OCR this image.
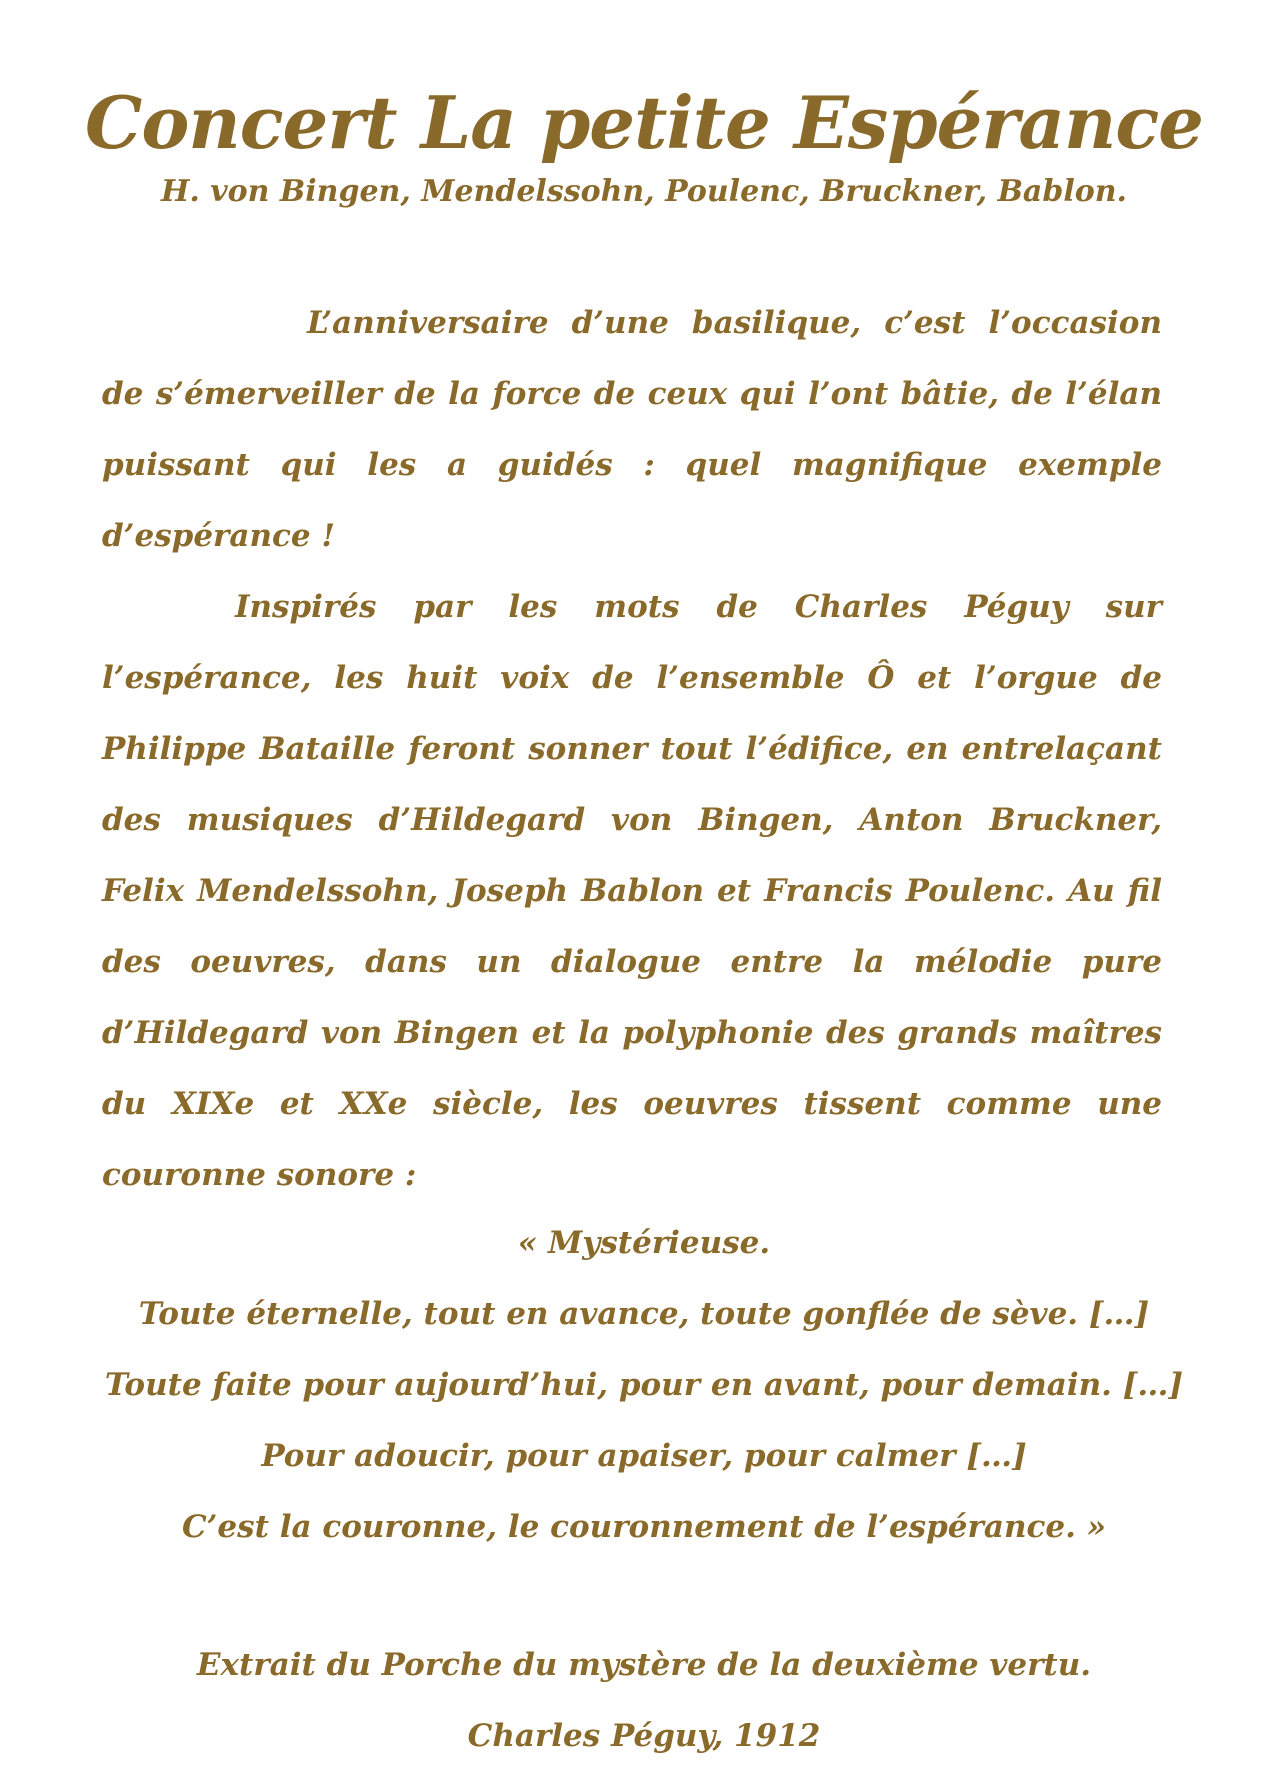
Concert La petite Espérance
H. von Bingen, Mendelssohn, Poulenc, Bruckner, Bablon.

L’anniversaire d’une basilique, c’est l’occasion de s’émerveiller de la force de ceux qui l’ont bâtie, de l’élan puissant qui les a guidés : quel magnifique exemple d’espérance !

Inspirés par les mots de Charles Péguy sur l’espérance, les huit voix de l’ensemble Ô et l’orgue de Philippe Bataille feront sonner tout l’édifice, en entrelaçant des musiques d’Hildegard von Bingen, Anton Bruckner, Felix Mendelssohn, Joseph Bablon et Francis Poulenc. Au fil des oeuvres, dans un dialogue entre la mélodie pure d’Hildegard von Bingen et la polyphonie des grands maîtres du XIXe et XXe siècle, les oeuvres tissent comme une couronne sonore :

« Mystérieuse.
Toute éternelle, tout en avance, toute gonflée de sève. […]
Toute faite pour aujourd’hui, pour en avant, pour demain. […]
Pour adoucir, pour apaiser, pour calmer […]
C’est la couronne, le couronnement de l’espérance. »
Extrait du Porche du mystère de la deuxième vertu.
Charles Péguy, 1912
